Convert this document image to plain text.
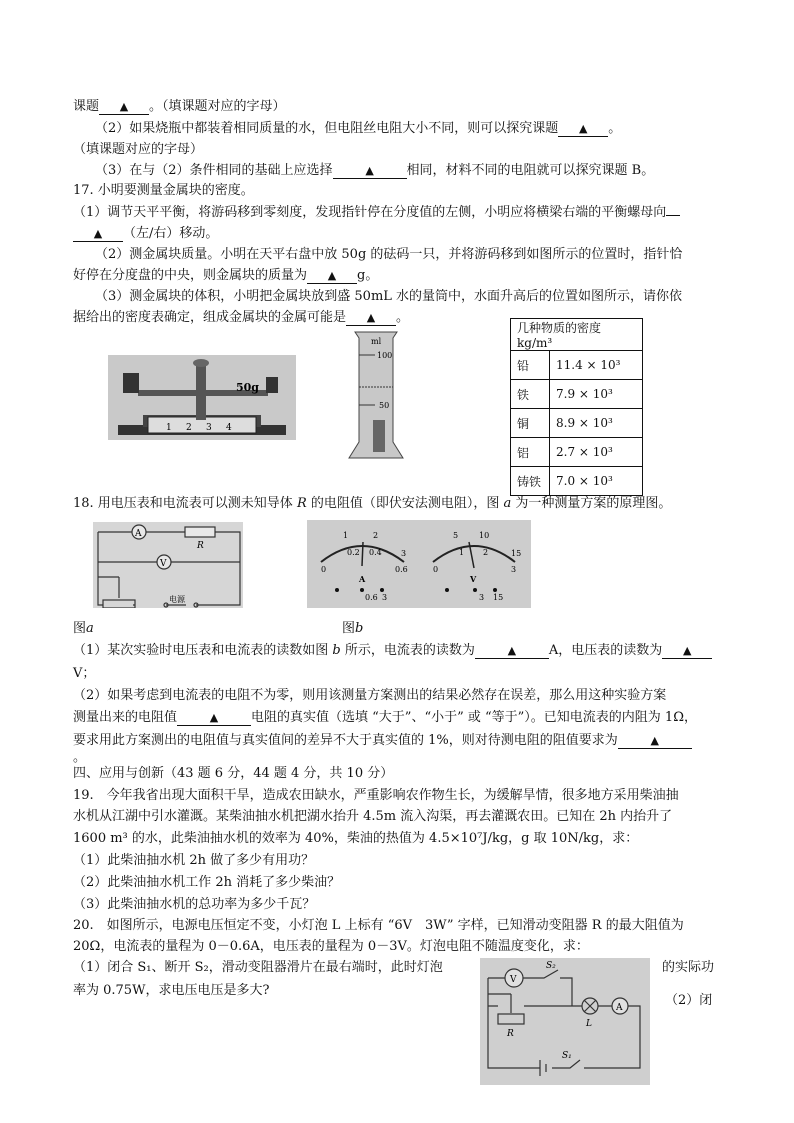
课题 ▲ 。（填课题对应的字母）
（2）如果烧瓶中都装着相同质量的水，但电阻丝电阻大小不同，则可以探究课题 ▲ 。
（填课题对应的字母）
（3）在与（2）条件相同的基础上应选择	▲	相同，材料不同的电阻就可以探究课题 B。
17. 小明要测量金属块的密度。
（1）调节天平平衡，将游码移到零刻度，发现指针停在分度值的左侧，小明应将横梁右端的平衡螺母向
▲ （左/右）移动。
（2）测金属块质量。小明在天平右盘中放 50g 的砝码一只，并将游码移到如图所示的位置时，指针恰
好停在分度盘的中央，则金属块的质量为 ▲ g。
（3）测金属块的体积，小明把金属块放到盛 50mL 水的量筒中，水面升高后的位置如图所示，请你依
据给出的密度表确定，组成金属块的金属可能是 ▲ 。
18. 用电压表和电流表可以测未知导体 R 的电阻值（即伏安法测电阻），图 a 为一种测量方案的原理图。
图a	图b
（1）某次实验时电压表和电流表的读数如图 b 所示，电流表的读数为	▲	A，电压表的读数为 ▲
V；
（2）如果考虑到电流表的电阻不为零，则用该测量方案测出的结果必然存在误差，那么用这种实验方案
测量出来的电阻值	▲	电阻的真实值（选填 “大于”、“小于” 或 “等于”）。已知电流表的内阻为 1Ω，
要求用此方案测出的电阻值与真实值间的差异不大于真实值的 1%，则对待测电阻的阻值要求为	▲
。
四、应用与创新（43 题 6 分，44 题 4 分，共 10 分）
19.　今年我省出现大面积干旱，造成农田缺水，严重影响农作物生长，为缓解旱情，很多地方采用柴油抽
水机从江湖中引水灌溉。某柴油抽水机把湖水抬升 4.5m 流入沟渠，再去灌溉农田。已知在 2h 内抬升了
1600 m³ 的水，此柴油抽水机的效率为 40%，柴油的热值为 4.5×10⁷J/kg，g 取 10N/kg，求：
（1）此柴油抽水机 2h 做了多少有用功？
（2）此柴油抽水机工作 2h 消耗了多少柴油？
（3）此柴油抽水机的总功率为多少千瓦？
20.　如图所示，电源电压恒定不变，小灯泡 L 上标有 “6V　3W” 字样，已知滑动变阻器 R 的最大阻值为
20Ω，电流表的量程为 0－0.6A，电压表的量程为 0－3V。灯泡电阻不随温度变化，求：
（1）闭合 S₁、断开 S₂，滑动变阻器滑片在最右端时，此时灯泡	的实际功
率为 0.75W，求电压电压是多大?
（2）闭
50g
1 2 3 4
ml
100
50
几种物质的密度 kg/m³	
铅	11.4 × 10³
铁	7.9 × 10³
铜	8.9 × 10³
铝	2.7 × 10³
铸铁	7.0 × 10³
A
V
R
电源
1	2
3
0.2 0.4
0.6
0
A
0.6 3
5	10
15
1 2
3
0
V
3 15
V
A
S₂
S₁
R
L
